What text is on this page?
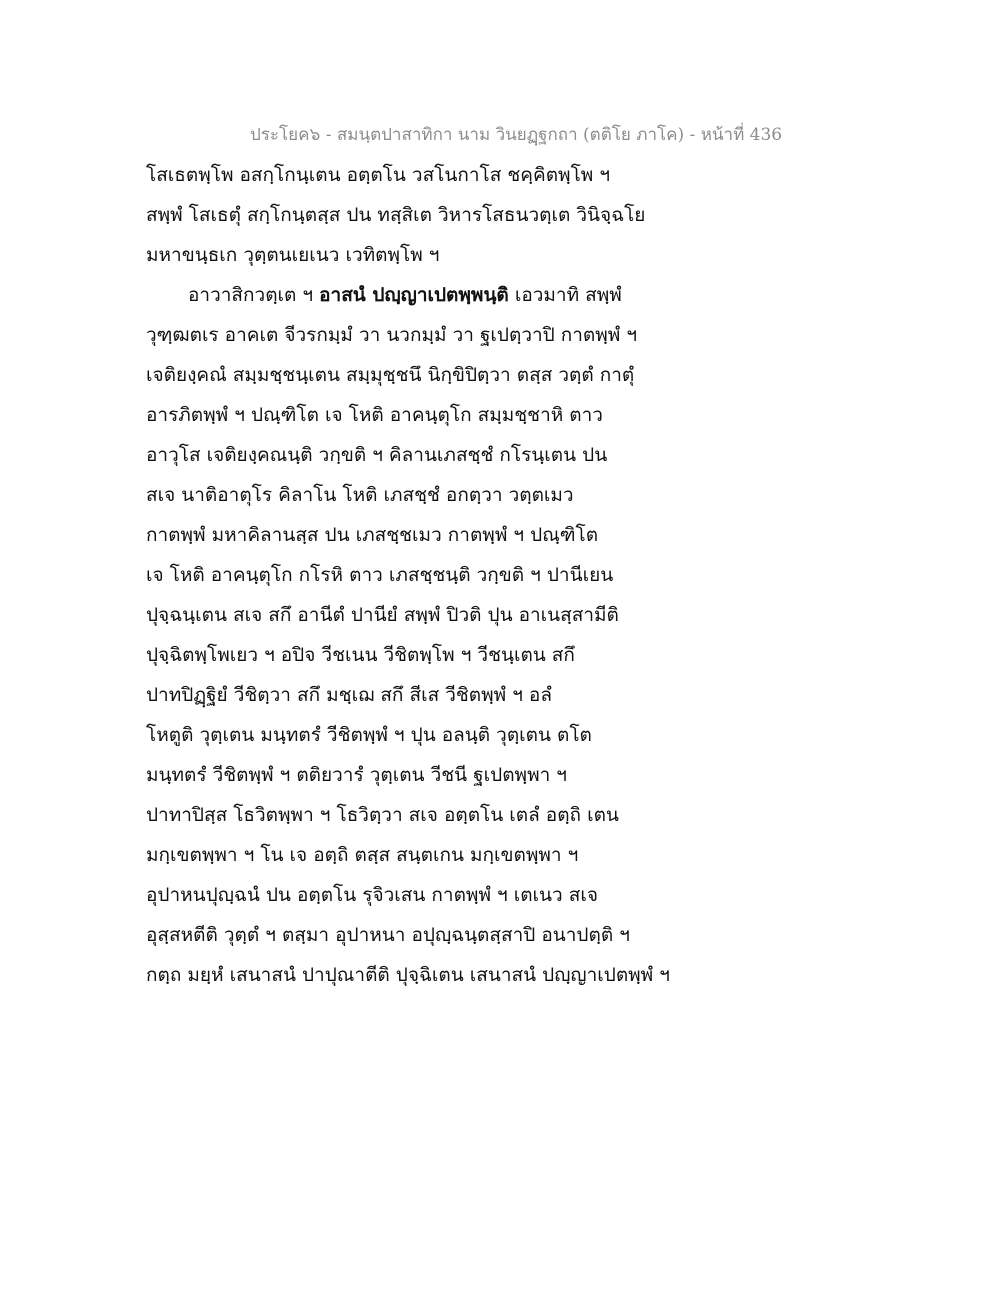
ประโยค๖ - สมนฺตปาสาทิกา นาม วินยฏฺฐกถา (ตติโย ภาโค) - หน้าที่ 436
โสเธตพฺโพ อสกฺโกนฺเตน อตฺตโน วสโนกาโส ชคฺคิตพฺโพ ฯ
สพฺพํ โสเธตุํ สกฺโกนฺตสฺส ปน ทสฺสิเต วิหารโสธนวตฺเต วินิจฺฉโย
มหาขนฺธเก วุตฺตนเยเนว เวทิตพฺโพ ฯ
อาวาสิกวตฺเต ฯ อาสนํ ปญฺญาเปตพฺพนฺติ เอวมาทิ สพฺพํ
วุฑฺฒตเร อาคเต จีวรกมฺมํ วา นวกมฺมํ วา ฐเปตฺวาปิ กาตพฺพํ ฯ
เจติยงฺคณํ สมฺมชฺชนฺเตน สมฺมุชฺชนึ นิกฺขิปิตฺวา ตสฺส วตฺตํ กาตุํ
อารภิตพฺพํ ฯ ปณฺฑิโต เจ โหติ อาคนฺตุโก สมฺมชฺชาหิ ตาว
อาวุโส เจติยงฺคณนฺติ วกฺขติ ฯ คิลานเภสชฺชํ กโรนฺเตน ปน
สเจ นาติอาตุโร คิลาโน โหติ เภสชฺชํ อกตฺวา วตฺตเมว
กาตพฺพํ มหาคิลานสฺส ปน เภสชฺชเมว กาตพฺพํ ฯ ปณฺฑิโต
เจ โหติ อาคนฺตุโก กโรหิ ตาว เภสชฺชนฺติ วกฺขติ ฯ ปานีเยน
ปุจฺฉนฺเตน สเจ สกึ อานีตํ ปานียํ สพฺพํ ปิวติ ปุน อาเนสฺสามีติ
ปุจฺฉิตพฺโพเยว ฯ อปิจ วีชเนน วีชิตพฺโพ ฯ วีชนฺเตน สกึ
ปาทปิฏฺฐิยํ วีชิตฺวา สกึ มชฺเฌ สกึ สีเส วีชิตพฺพํ ฯ อลํ
โหตูติ วุตฺเตน มนฺทตรํ วีชิตพฺพํ ฯ ปุน อลนฺติ วุตฺเตน ตโต
มนฺทตรํ วีชิตพฺพํ ฯ ตติยวารํ วุตฺเตน วีชนี ฐเปตพฺพา ฯ
ปาทาปิสฺส โธวิตพฺพา ฯ โธวิตฺวา สเจ อตฺตโน เตลํ อตฺถิ เตน
มกฺเขตพฺพา ฯ โน เจ อตฺถิ ตสฺส สนฺตเกน มกฺเขตพฺพา ฯ
อุปาหนปุญฺฉนํ ปน อตฺตโน รุจิวเสน กาตพฺพํ ฯ เตเนว สเจ
อุสฺสหตีติ วุตฺตํ ฯ ตสฺมา อุปาหนา อปุญฺฉนฺตสฺสาปิ อนาปตฺติ ฯ
กตฺถ มยฺหํ เสนาสนํ ปาปุณาตีติ ปุจฺฉิเตน เสนาสนํ ปญฺญาเปตพฺพํ ฯ
